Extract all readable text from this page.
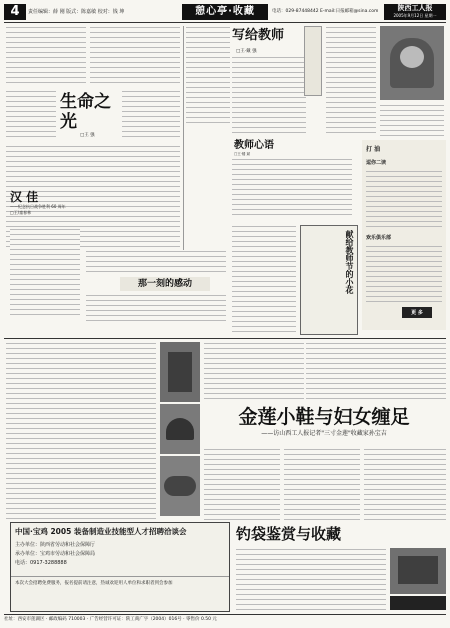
4	责任编辑：薛 刚 版式：陈嘉敏 校对：钱 坤	憩心亭·收藏	电话：029-87448442 E-mail:日报邮箱@sina.com	陕西工人报
2005年9月12日 星期一
生命之光
□王 强
写给教师
□王·戴 强
教师心语
□王·楼 斌
汉 佳
——纪念抗日战争胜利 60 周年
□王/童春林
那一刻的感动	献给教师节的小花
打 油
逗你二读
欢乐俱乐部
更 多
金莲小鞋与妇女缠足
——访山西工人报记者"三寸金莲"收藏家孙宝吉
中国·宝鸡 2005 装备制造业技能型人才招聘洽谈会
主办单位：陕西省劳动和社会保障厅
承办单位：宝鸡市劳动和社会保障局
电话：0917-3288888
本次大会招聘免费服务，报名提前请注意，热诚欢迎用人单位和求职者到会参加
钓袋鉴赏与收藏
社址：西安市莲湖区 · 邮政编码 710003 · 广告经营许可证：陕工商广字（2004）016号 · 零售价 0.50 元
